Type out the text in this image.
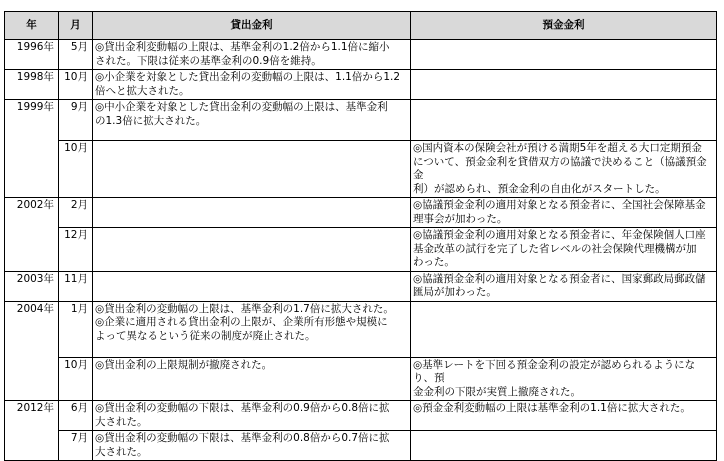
年	月	貸出金利	預金金利
1996年	5月	◎貸出金利変動幅の上限は、基準金利の1.2倍から1.1倍に縮小
された。下限は従来の基準金利の0.9倍を維持。	

1998年	10月	◎小企業を対象とした貸出金利の変動幅の上限は、1.1倍から1.2
倍へと拡大された。	

1999年	9月	◎中小企業を対象とした貸出金利の変動幅の上限は、基準金利
の1.3倍に拡大された。	

	10月		◎国内資本の保険会社が預ける満期5年を超える大口定期預金
について、預金金利を貸借双方の協議で決めること（協議預金金
利）が認められ、預金金利の自由化がスタートした。

2002年	2月		◎協議預金金利の適用対象となる預金者に、全国社会保障基金
理事会が加わった。

	12月		◎協議預金金利の適用対象となる預金者に、年金保険個人口座
基金改革の試行を完了した省レベルの社会保険代理機構が加
わった。

2003年	11月		◎協議預金金利の適用対象となる預金者に、国家郵政局郵政儲
匯局が加わった。

2004年	1月	◎貸出金利の変動幅の上限は、基準金利の1.7倍に拡大された。
◎企業に適用される貸出金利の上限が、企業所有形態や規模に
よって異なるという従来の制度が廃止された。	

	10月	◎貸出金利の上限規制が撤廃された。	◎基準レートを下回る預金金利の設定が認められるようになり、預
金金利の下限が実質上撤廃された。

2012年	6月	◎貸出金利の変動幅の下限は、基準金利の0.9倍から0.8倍に拡
大された。	◎預金金利変動幅の上限は基準金利の1.1倍に拡大された。

	7月	◎貸出金利の変動幅の下限は、基準金利の0.8倍から0.7倍に拡
大された。	
